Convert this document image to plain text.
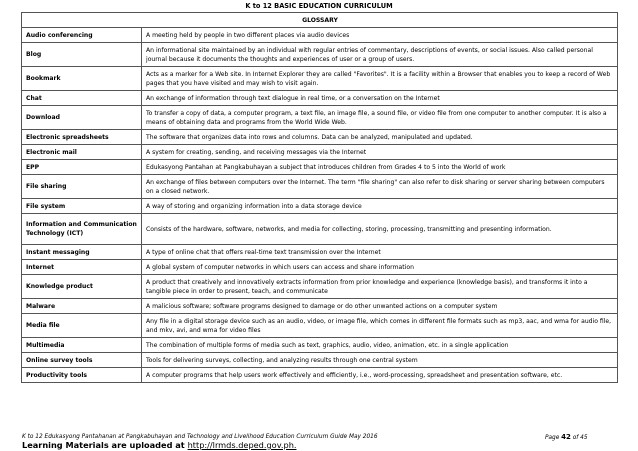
K to 12 BASIC EDUCATION CURRICULUM
GLOSSARY	
Audio conferencing	A meeting held by people in two different places via audio devices
Blog	An informational site maintained by an individual with regular entries of commentary, descriptions of events, or social issues. Also called personal journal because it documents the thoughts and experiences of user or a group of users.
Bookmark	Acts as a marker for a Web site. In Internet Explorer they are called "Favorites". It is a facility within a Browser that enables you to keep a record of Web pages that you have visited and may wish to visit again.
Chat	An exchange of information through text dialogue in real time, or a conversation on the Internet
Download	To transfer a copy of data, a computer program, a text file, an image file, a sound file, or video file from one computer to another computer. It is also a means of obtaining data and programs from the World Wide Web.
Electronic spreadsheets	The software that organizes data into rows and columns. Data can be analyzed, manipulated and updated.
Electronic mail	A system for creating, sending, and receiving messages via the Internet
EPP	Edukasyong Pantahan at Pangkabuhayan a subject that introduces children from Grades 4 to 5 into the World of work
File sharing	An exchange of files between computers over the Internet. The term "file sharing" can also refer to disk sharing or server sharing between computers on a closed network.
File system	A way of storing and organizing information into a data storage device
Information and Communication Technology (ICT)	Consists of the hardware, software, networks, and media for collecting, storing, processing, transmitting and presenting information.
Instant messaging	A type of online chat that offers real-time text transmission over the Internet
Internet	A global system of computer networks in which users can access and share information
Knowledge product	A product that creatively and innovatively extracts information from prior knowledge and experience (knowledge basis), and transforms it into a tangible piece in order to present, teach, and communicate
Malware	A malicious software; software programs designed to damage or do other unwanted actions on a computer system
Media file	Any file in a digital storage device such as an audio, video, or image file, which comes in different file formats such as mp3, aac, and wma for audio file, and mkv, avi, and wma for video files
Multimedia	The combination of multiple forms of media such as text, graphics, audio, video, animation, etc. in a single application
Online survey tools	Tools for delivering surveys, collecting, and analyzing results through one central system
Productivity tools	A computer programs that help users work effectively and efficiently, i.e., word-processing, spreadsheet and presentation software, etc.
K to 12 Edukasyong Pantahanan at Pangkabuhayan and Technology and Livelihood Education Curriculum Guide May 2016	Page 42 of 45
Learning Materials are uploaded at http://lrmds.deped.gov.ph.
